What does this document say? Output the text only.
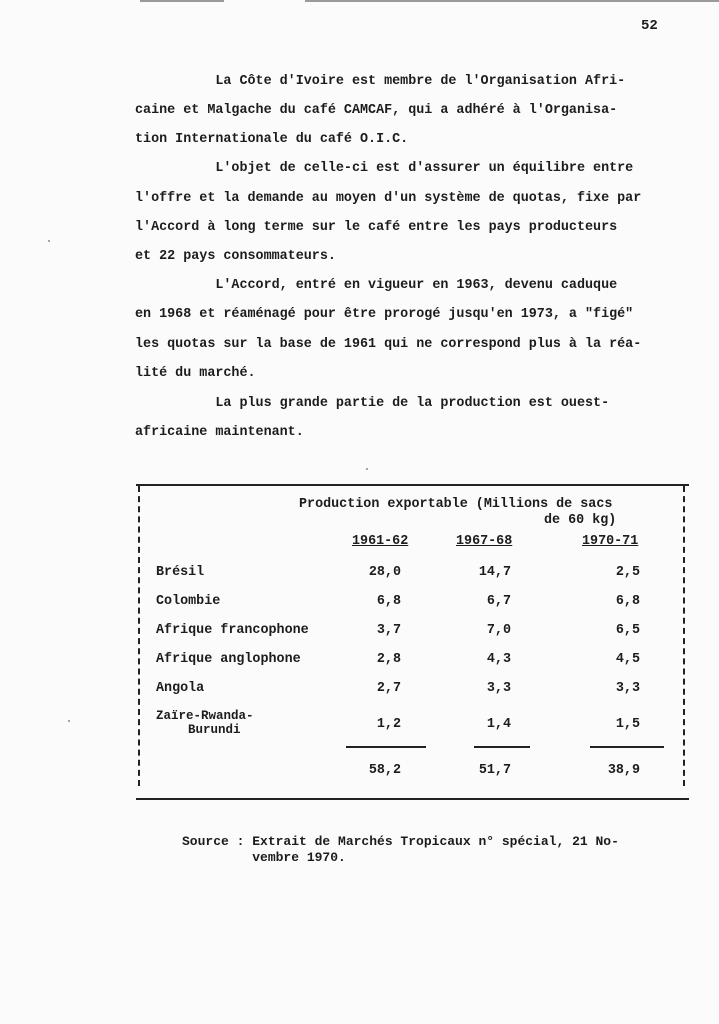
52
La Côte d'Ivoire est membre de l'Organisation Afri-
caine et Malgache du café CAMCAF, qui a adhéré à l'Organisa-
tion Internationale du café O.I.C.
L'objet de celle-ci est d'assurer un équilibre entre
l'offre et la demande au moyen d'un système de quotas, fixe par
l'Accord à long terme sur le café entre les pays producteurs
et 22 pays consommateurs.
L'Accord, entré en vigueur en 1963, devenu caduque
en 1968 et réaménagé pour être prorogé jusqu'en 1973, a "figé"
les quotas sur la base de 1961 qui ne correspond plus à la réa-
lité du marché.
La plus grande partie de la production est ouest-
africaine maintenant.
Production exportable (Millions de sacs
de 60 kg)
1961-62	1967-68	1970-71
Brésil	28,0	14,7	2,5
Colombie	6,8	6,7	6,8
Afrique francophone	3,7	7,0	6,5
Afrique anglophone	2,8	4,3	4,5
Angola	2,7	3,3	3,3
Zaïre-Rwanda-
Burundi	1,2	1,4	1,5
58,2	51,7	38,9
Source : Extrait de Marchés Tropicaux n° spécial, 21 No-
vembre 1970.
